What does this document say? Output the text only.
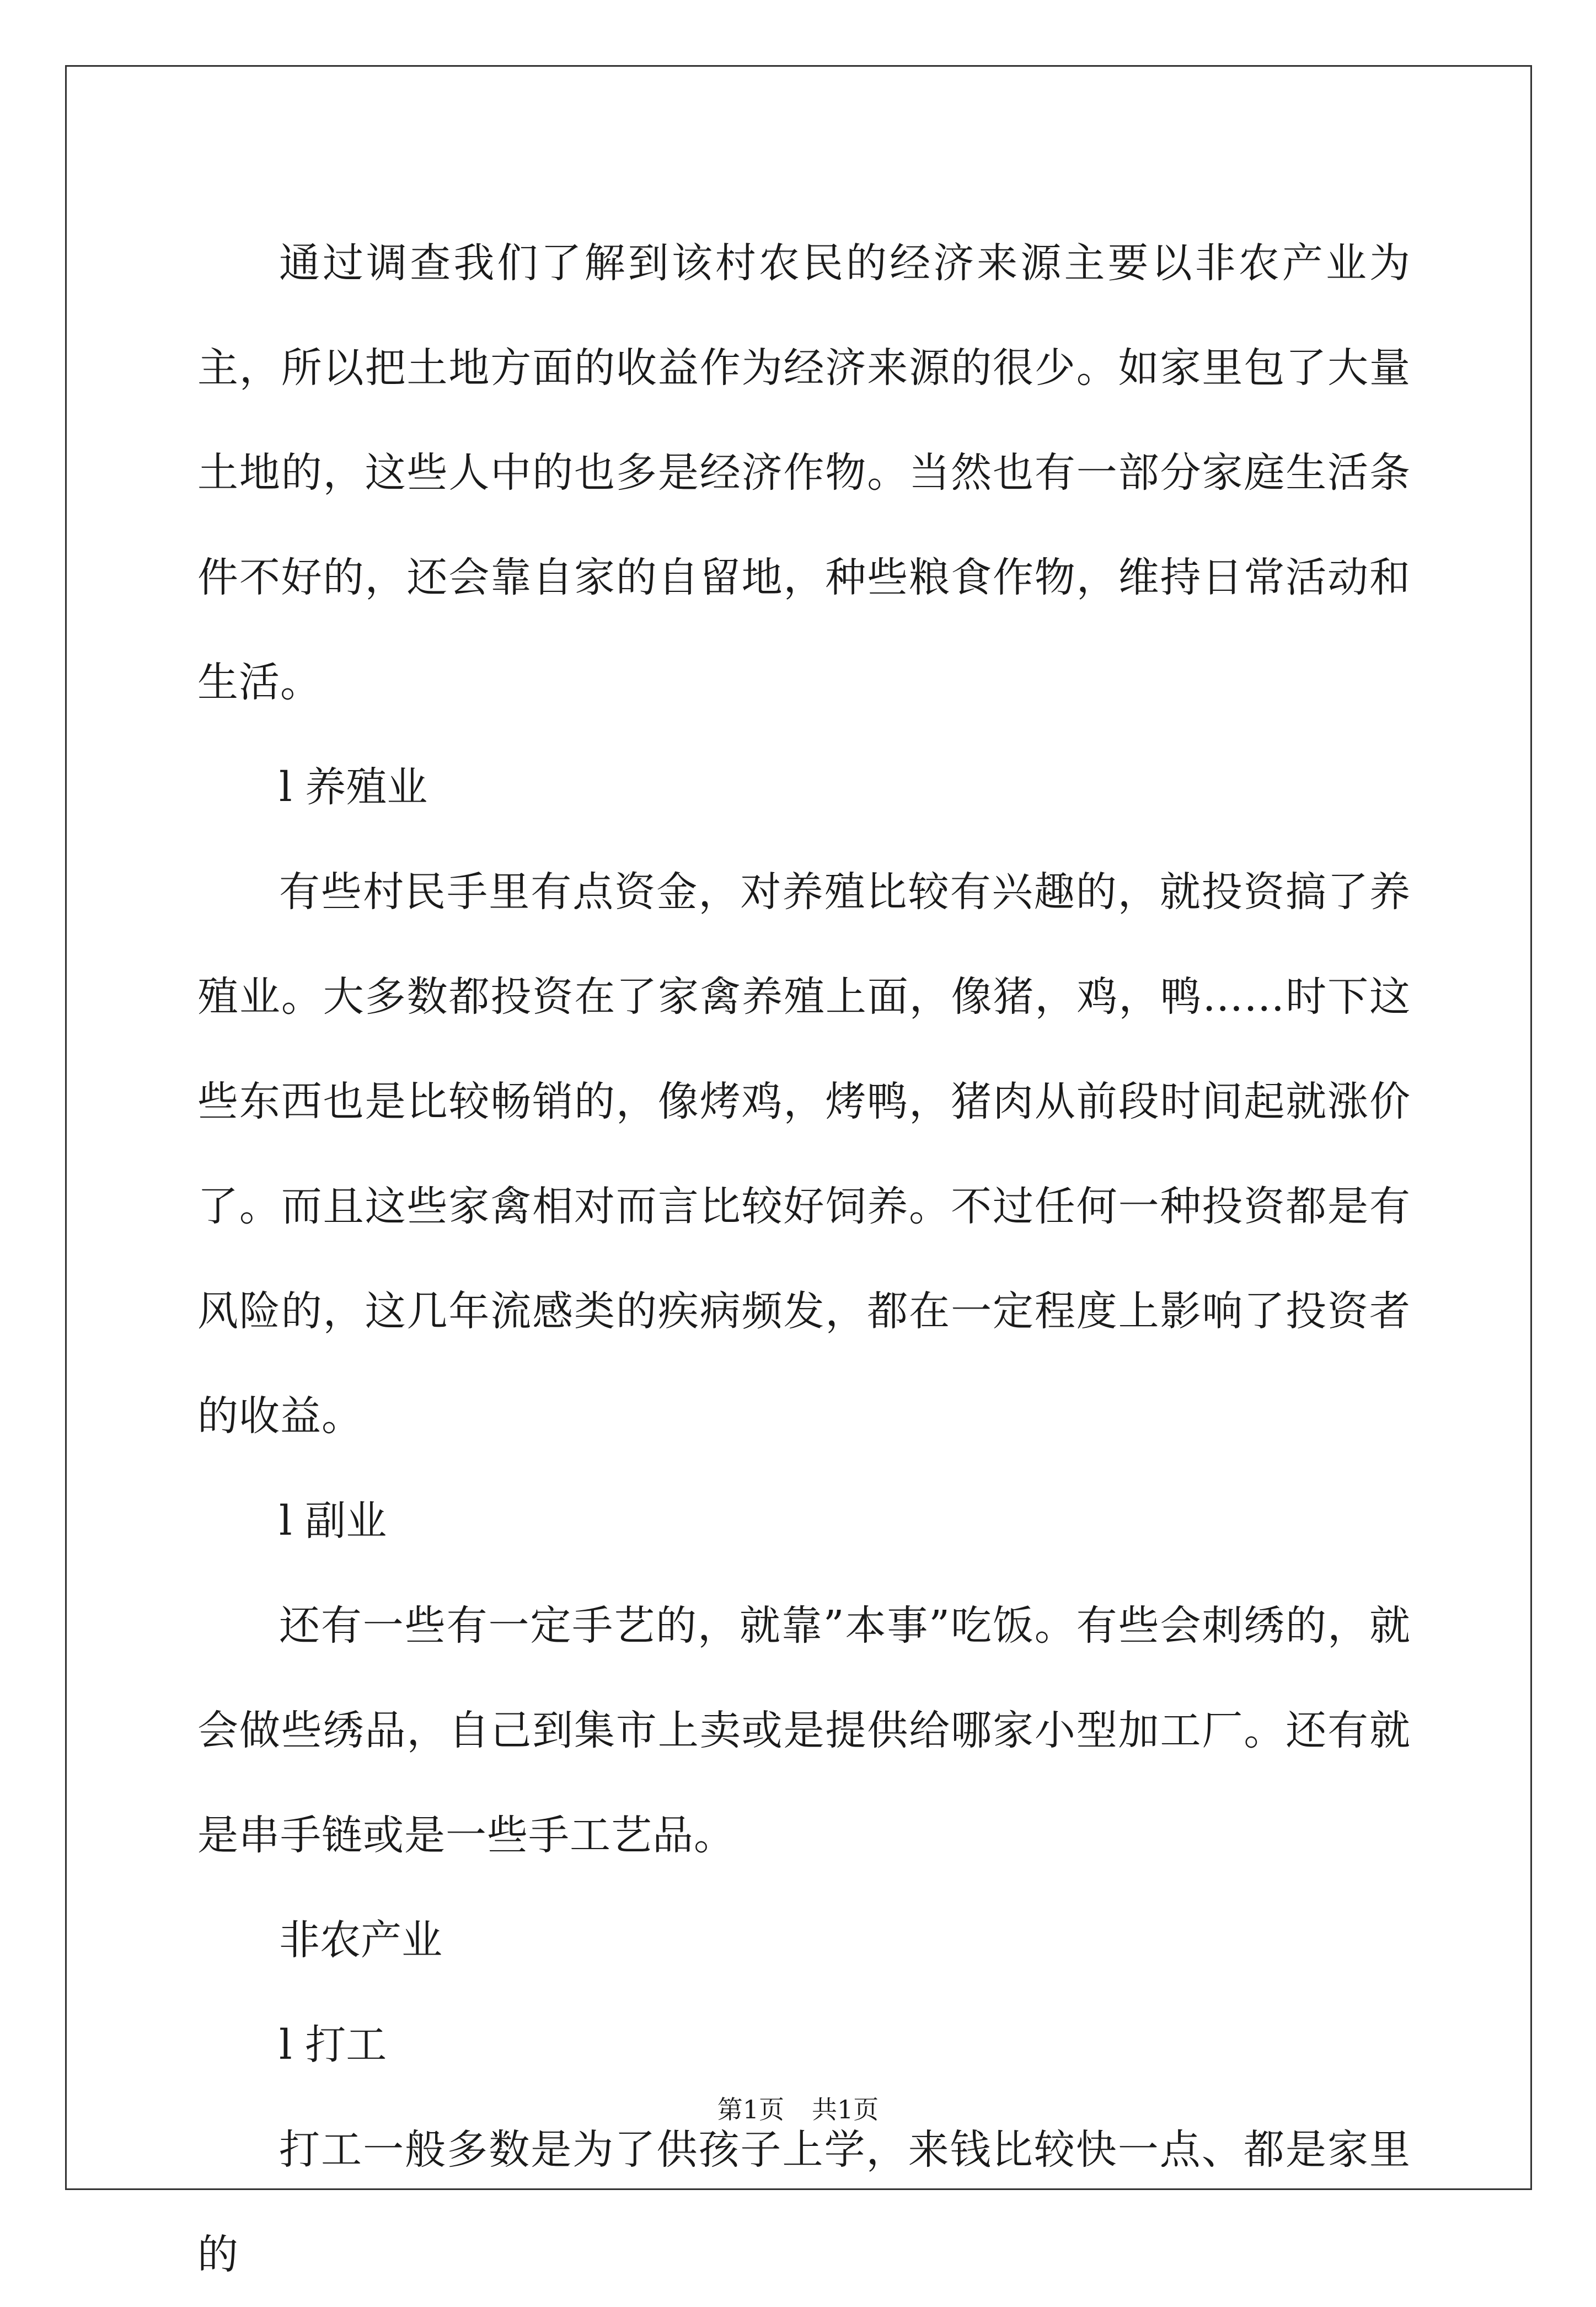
通过调查我们了解到该村农民的经济来源主要以非农产业为主，所以把土地方面的收益作为经济来源的很少。如家里包了大量土地的，这些人中的也多是经济作物。当然也有一部分家庭生活条件不好的，还会靠自家的自留地，种些粮食作物，维持日常活动和生活。

l 养殖业

有些村民手里有点资金，对养殖比较有兴趣的，就投资搞了养殖业。大多数都投资在了家禽养殖上面，像猪，鸡，鸭……时下这些东西也是比较畅销的，像烤鸡，烤鸭，猪肉从前段时间起就涨价了。而且这些家禽相对而言比较好饲养。不过任何一种投资都是有风险的，这几年流感类的疾病频发，都在一定程度上影响了投资者的收益。

l 副业

还有一些有一定手艺的，就靠”本事”吃饭。有些会刺绣的，就会做些绣品，自己到集市上卖或是提供给哪家小型加工厂。还有就是串手链或是一些手工艺品。

非农产业

l 打工

打工一般多数是为了供孩子上学，来钱比较快一点、都是家里的

第1页 共1页
